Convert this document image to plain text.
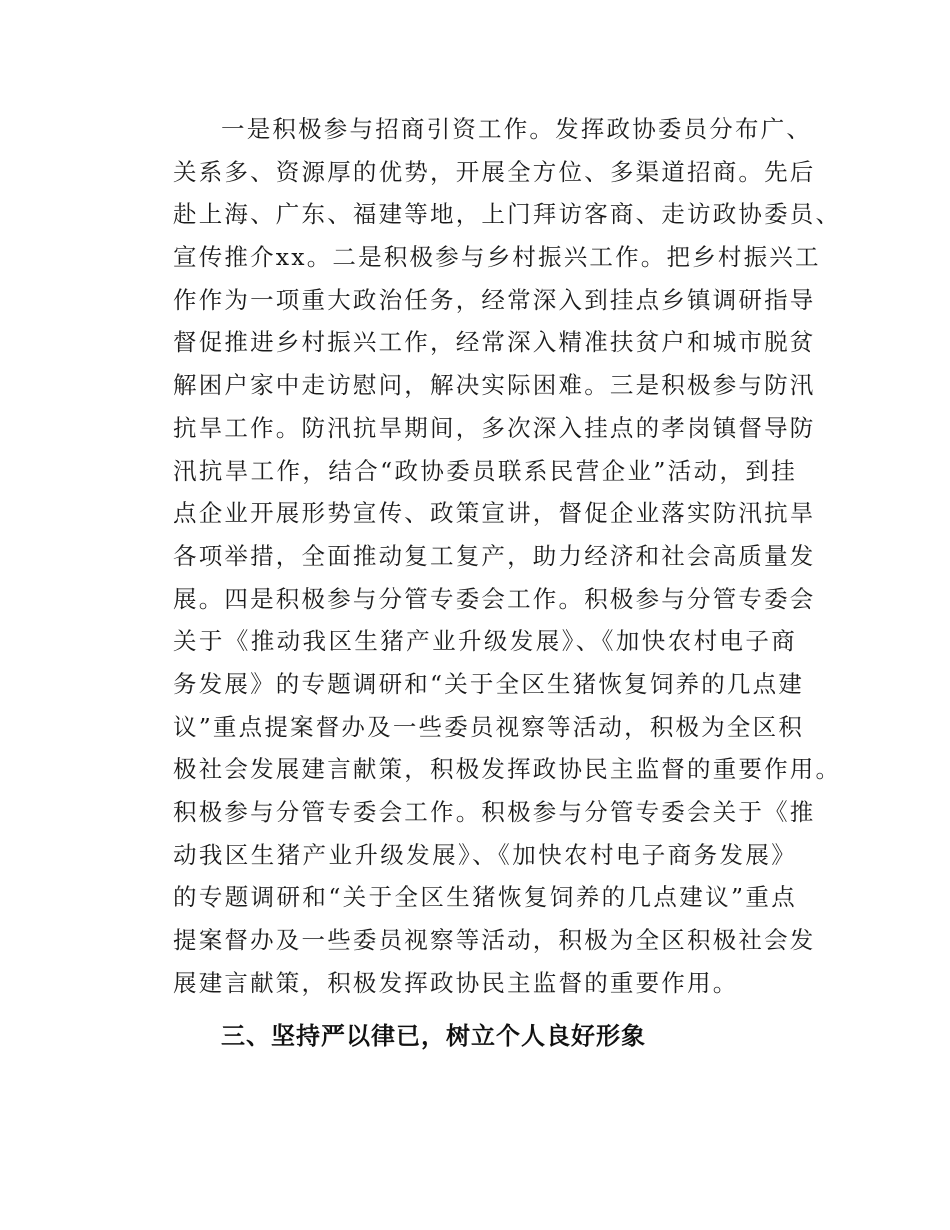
一是积极参与招商引资工作。发挥政协委员分布广、
关系多、资源厚的优势，开展全方位、多渠道招商。先后
赴上海、广东、福建等地，上门拜访客商、走访政协委员、
宣传推介xx。二是积极参与乡村振兴工作。把乡村振兴工
作作为一项重大政治任务，经常深入到挂点乡镇调研指导
督促推进乡村振兴工作，经常深入精准扶贫户和城市脱贫
解困户家中走访慰问，解决实际困难。三是积极参与防汛
抗旱工作。防汛抗旱期间，多次深入挂点的孝岗镇督导防
汛抗旱工作，结合“政协委员联系民营企业”活动，到挂
点企业开展形势宣传、政策宣讲，督促企业落实防汛抗旱
各项举措，全面推动复工复产，助力经济和社会高质量发
展。四是积极参与分管专委会工作。积极参与分管专委会
关于《推动我区生猪产业升级发展》、《加快农村电子商
务发展》的专题调研和“关于全区生猪恢复饲养的几点建
议”重点提案督办及一些委员视察等活动，积极为全区积
极社会发展建言献策，积极发挥政协民主监督的重要作用。
积极参与分管专委会工作。积极参与分管专委会关于《推
动我区生猪产业升级发展》、《加快农村电子商务发展》
的专题调研和“关于全区生猪恢复饲养的几点建议”重点
提案督办及一些委员视察等活动，积极为全区积极社会发
展建言献策，积极发挥政协民主监督的重要作用。

三、坚持严以律已，树立个人良好形象
